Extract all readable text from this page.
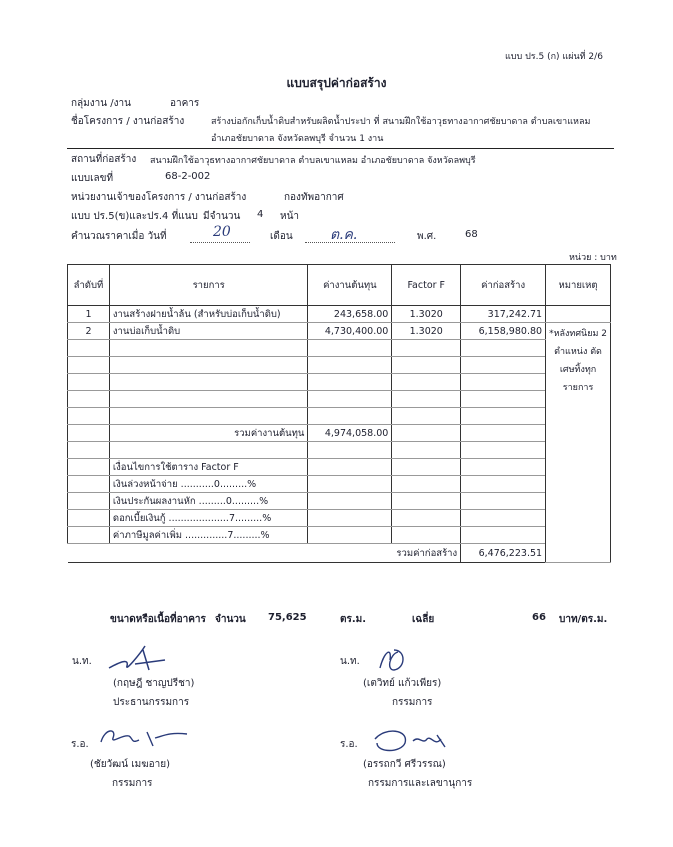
แบบ ปร.5 (ก) แผ่นที่ 2/6
แบบสรุปค่าก่อสร้าง
กลุ่มงาน /งาน	อาคาร
ชื่อโครงการ / งานก่อสร้าง	สร้างบ่อกักเก็บน้ำดิบสำหรับผลิตน้ำประปา ที่ สนามฝึกใช้อาวุธทางอากาศชัยบาดาล ตำบลเขาแหลม
อำเภอชัยบาดาล จังหวัดลพบุรี จำนวน 1 งาน
สถานที่ก่อสร้าง สนามฝึกใช้อาวุธทางอากาศชัยบาดาล ตำบลเขาแหลม อำเภอชัยบาดาล จังหวัดลพบุรี
แบบเลขที่	68-2-002
หน่วยงานเจ้าของโครงการ / งานก่อสร้าง	กองทัพอากาศ
แบบ ปร.5(ข)และปร.4 ที่แนบ มีจำนวน 4 หน้า
คำนวณราคาเมื่อ วันที่	20	เดือน	ต.ค.	พ.ศ.	68
หน่วย : บาท
ลำดับที่	รายการ	ค่างานต้นทุน	Factor F	ค่าก่อสร้าง	หมายเหตุ
1	งานสร้างฝายน้ำล้น (สำหรับบ่อเก็บน้ำดิบ)	243,658.00	1.3020	317,242.71	
2	งานบ่อเก็บน้ำดิบ	4,730,400.00	1.3020	6,158,980.80	*หลังทศนิยม 2
ตำแหน่ง ตัด
เศษทิ้งทุก
รายการ

	รวมค่างานต้นทุน	4,974,058.00			

	เงื่อนไขการใช้ตาราง Factor F				
	เงินล่วงหน้าจ่าย ...........0.........%				
	เงินประกันผลงานหัก .........0.........%				
	ดอกเบี้ยเงินกู้ ....................7.........%				
	ค่าภาษีมูลค่าเพิ่ม ..............7.........%				
		รวมค่าก่อสร้าง		6,476,223.51	
ขนาดหรือเนื้อที่อาคาร จำนวน 75,625	ตร.ม.	เฉลี่ย	66 บาท/ตร.ม.
น.ท.
(กฤษฎี ชาญปรีชา)
ประธานกรรมการ
น.ท.
(เตวิทย์ แก้วเพียร)
กรรมการ
ร.อ.
(ชัยวัฒน์ เมฆอาย)
กรรมการ
ร.อ.
(อรรถกวี ศรีวรรณ)
กรรมการและเลขานุการ
